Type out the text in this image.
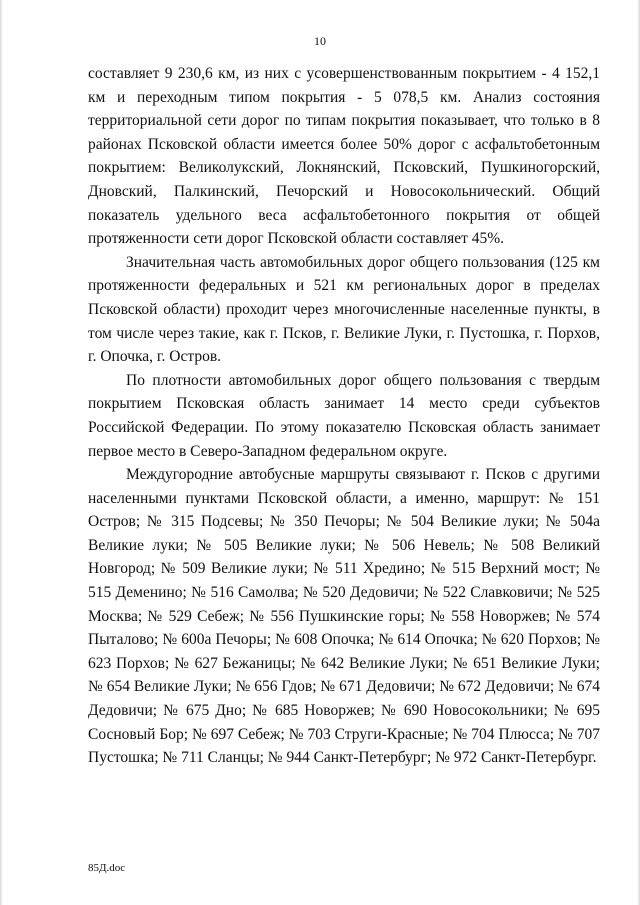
10

составляет 9 230,6 км, из них с усовершенствованным покрытием - 4 152,1 км и переходным типом покрытия - 5 078,5 км. Анализ состояния территориальной сети дорог по типам покрытия показывает, что только в 8 районах Псковской области имеется более 50% дорог с асфальтобетонным покрытием: Великолукский, Локнянский, Псковский, Пушкиногорский, Дновский, Палкинский, Печорский и Новосокольнический. Общий показатель удельного веса асфальтобетонного покрытия от общей протяженности сети дорог Псковской области составляет 45%.

Значительная часть автомобильных дорог общего пользования (125 км протяженности федеральных и 521 км региональных дорог в пределах Псковской области) проходит через многочисленные населенные пункты, в том числе через такие, как г. Псков, г. Великие Луки, г. Пустошка, г. Порхов, г. Опочка, г. Остров.

По плотности автомобильных дорог общего пользования с твердым покрытием Псковская область занимает 14 место среди субъектов Российской Федерации. По этому показателю Псковская область занимает первое место в Северо-Западном федеральном округе.

Междугородние автобусные маршруты связывают г. Псков с другими населенными пунктами Псковской области, а именно, маршрут: № 151 Остров; № 315 Подсевы; № 350 Печоры; № 504 Великие луки; № 504а Великие луки; № 505 Великие луки; № 506 Невель; № 508 Великий Новгород; № 509 Великие луки; № 511 Хредино; № 515 Верхний мост; № 515 Деменино; № 516 Самолва; № 520 Дедовичи; № 522 Славковичи; № 525 Москва; № 529 Себеж; № 556 Пушкинские горы; № 558 Новоржев; № 574 Пыталово; № 600а Печоры; № 608 Опочка; № 614 Опочка; № 620 Порхов; № 623 Порхов; № 627 Бежаницы; № 642 Великие Луки; № 651 Великие Луки; № 654 Великие Луки; № 656 Гдов; № 671 Дедовичи; № 672 Дедовичи; № 674 Дедовичи; № 675 Дно; № 685 Новоржев; № 690 Новосокольники; № 695 Сосновый Бор; № 697 Себеж; № 703 Струги-Красные; № 704 Плюсса; № 707 Пустошка; № 711 Сланцы; № 944 Санкт-Петербург; № 972 Санкт-Петербург.

85Д.doc
